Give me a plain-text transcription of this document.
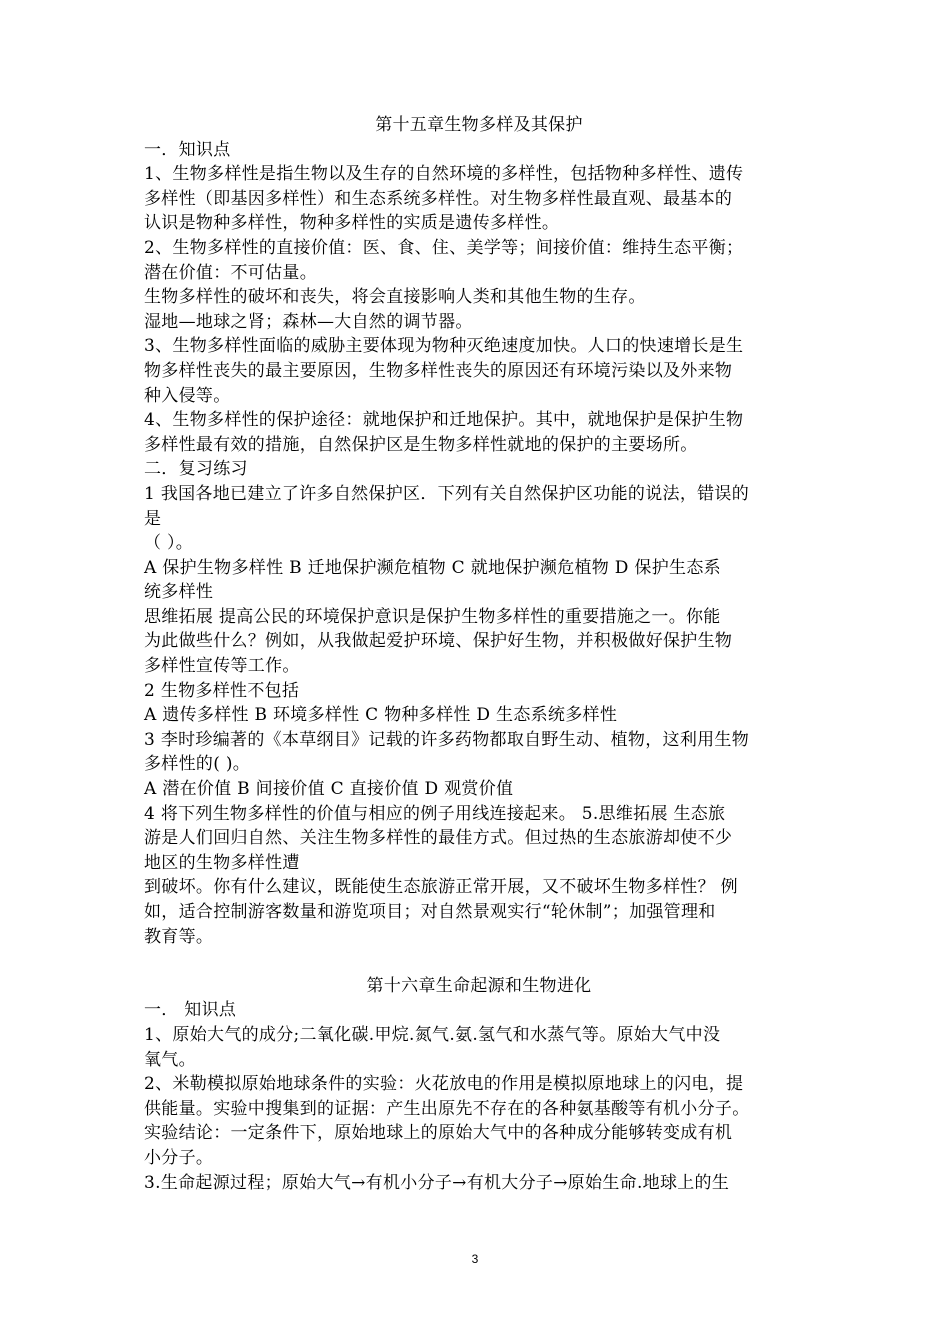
第十五章生物多样及其保护
一．知识点
1、生物多样性是指生物以及生存的自然环境的多样性，包括物种多样性、遗传
多样性（即基因多样性）和生态系统多样性。对生物多样性最直观、最基本的
认识是物种多样性，物种多样性的实质是遗传多样性。
2、生物多样性的直接价值：医、食、住、美学等；间接价值：维持生态平衡；
潜在价值：不可估量。
生物多样性的破坏和丧失，将会直接影响人类和其他生物的生存。
湿地—地球之肾；森林—大自然的调节器。
3、生物多样性面临的威胁主要体现为物种灭绝速度加快。人口的快速增长是生
物多样性丧失的最主要原因，生物多样性丧失的原因还有环境污染以及外来物
种入侵等。
4、生物多样性的保护途径：就地保护和迁地保护。其中，就地保护是保护生物
多样性最有效的措施，自然保护区是生物多样性就地的保护的主要场所。
二．复习练习
1 我国各地已建立了许多自然保护区．下列有关自然保护区功能的说法，错误的
是
（ ）。
A 保护生物多样性 B 迁地保护濒危植物 C 就地保护濒危植物 D 保护生态系
统多样性
思维拓展 提高公民的环境保护意识是保护生物多样性的重要措施之一。你能
为此做些什么？例如，从我做起爱护环境、保护好生物，并积极做好保护生物
多样性宣传等工作。
2 生物多样性不包括
A 遗传多样性 B 环境多样性 C 物种多样性 D 生态系统多样性
3 李时珍编著的《本草纲目》记载的许多药物都取自野生动、植物，这利用生物
多样性的( )。
A 潜在价值 B 间接价值 C 直接价值 D 观赏价值
4 将下列生物多样性的价值与相应的例子用线连接起来。 5.思维拓展 生态旅
游是人们回归自然、关注生物多样性的最佳方式。但过热的生态旅游却使不少
地区的生物多样性遭
到破坏。你有什么建议，既能使生态旅游正常开展，又不破坏生物多样性？ 例
如，适合控制游客数量和游览项目；对自然景观实行“轮休制”；加强管理和
教育等。
第十六章生命起源和生物进化
一． 知识点
1、原始大气的成分;二氧化碳.甲烷.氮气.氨.氢气和水蒸气等。原始大气中没
氧气。
2、米勒模拟原始地球条件的实验：火花放电的作用是模拟原地球上的闪电，提
供能量。实验中搜集到的证据：产生出原先不存在的各种氨基酸等有机小分子。
实验结论：一定条件下，原始地球上的原始大气中的各种成分能够转变成有机
小分子。
3.生命起源过程；原始大气→有机小分子→有机大分子→原始生命.地球上的生
3
